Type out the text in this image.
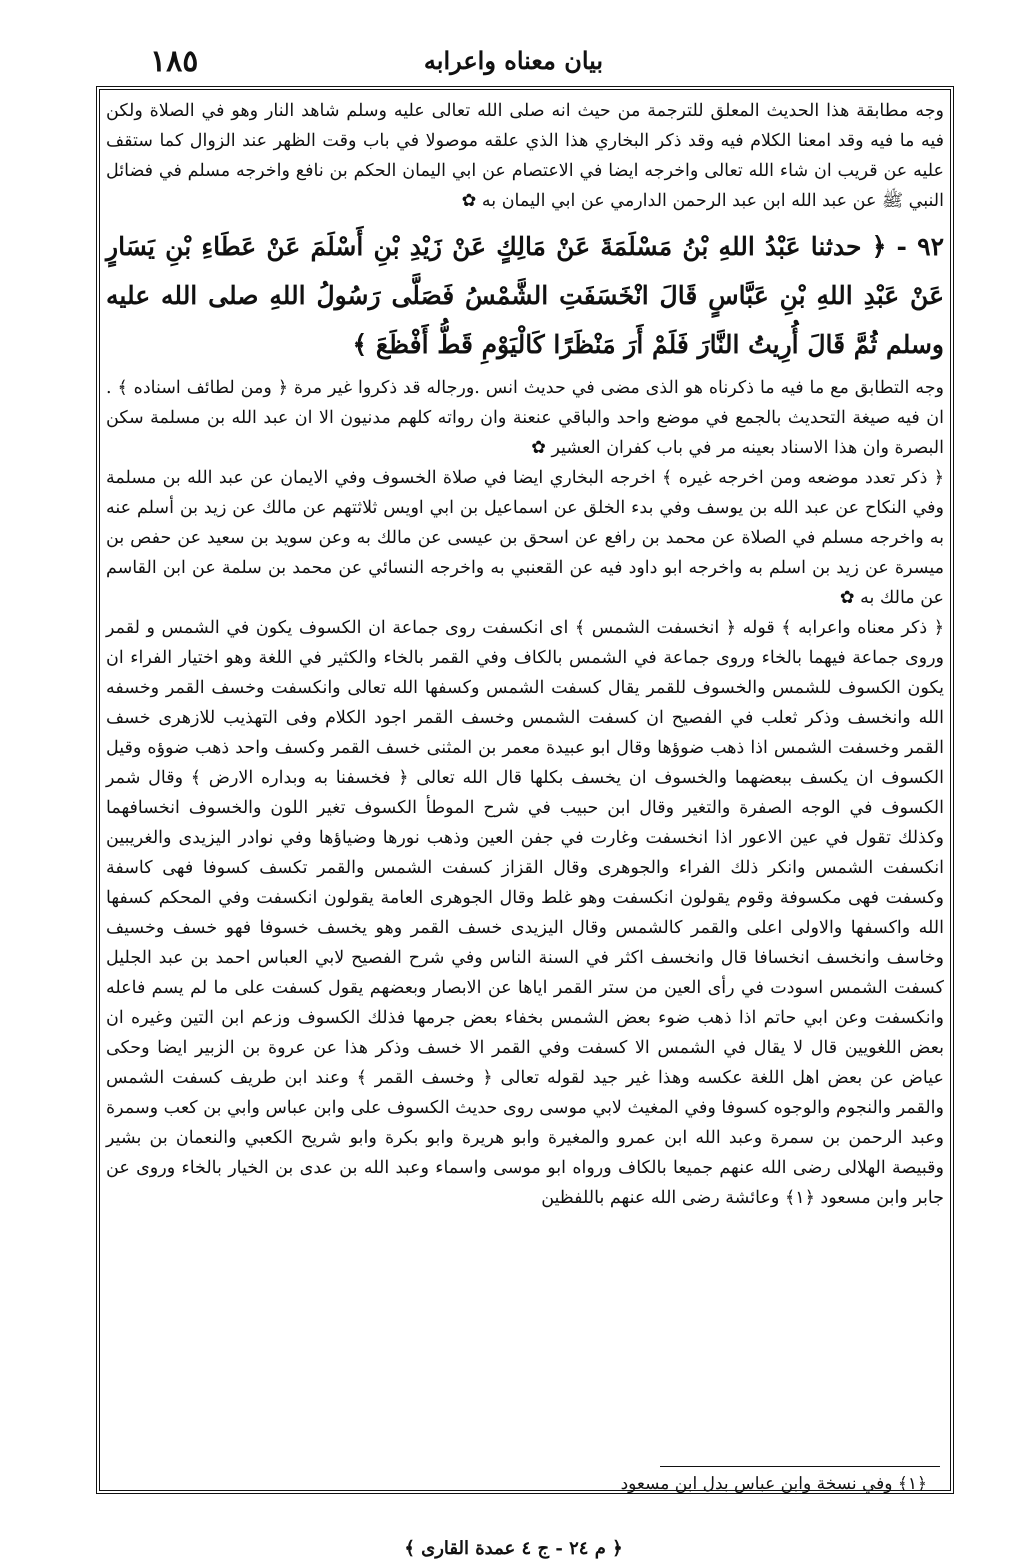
١٨٥	بيان معناه واعرابه

وجه مطابقة هذا الحديث المعلق للترجمة من حيث انه صلى الله تعالى عليه وسلم شاهد النار وهو في الصلاة ولكن فيه ما فيه وقد امعنا الكلام فيه وقد ذكر البخاري هذا الذي علقه موصولا في باب وقت الظهر عند الزوال كما ستقف عليه عن قريب ان شاء الله تعالى واخرجه ايضا في الاعتصام عن ابي اليمان الحكم بن نافع واخرجه مسلم في فضائل النبي ﷺ عن عبد الله ابن عبد الرحمن الدارمي عن ابي اليمان به ✿

٩٢ - ﴿ حدثنا عَبْدُ اللهِ بْنُ مَسْلَمَةَ عَنْ مَالِكٍ عَنْ زَيْدِ بْنِ أَسْلَمَ عَنْ عَطَاءِ بْنِ يَسَارٍ عَنْ عَبْدِ اللهِ بْنِ عَبَّاسٍ قَالَ انْخَسَفَتِ الشَّمْسُ فَصَلَّى رَسُولُ اللهِ صلى الله عليه وسلم ثُمَّ قَالَ أُرِيتُ النَّارَ فَلَمْ أَرَ مَنْظَرًا كَالْيَوْمِ قَطُّ أَفْظَعَ ﴾

وجه التطابق مع ما فيه ما ذكرناه هو الذى مضى في حديث انس .ورجاله قد ذكروا غير مرة ﴿ ومن لطائف اسناده ﴾ . ان فيه صيغة التحديث بالجمع في موضع واحد والباقي عنعنة وان رواته كلهم مدنيون الا ان عبد الله بن مسلمة سكن البصرة وان هذا الاسناد بعينه مر في باب كفران العشير ✿

﴿ ذكر تعدد موضعه ومن اخرجه غيره ﴾ اخرجه البخاري ايضا في صلاة الخسوف وفي الايمان عن عبد الله بن مسلمة وفي النكاح عن عبد الله بن يوسف وفي بدء الخلق عن اسماعيل بن ابي اويس ثلاثتهم عن مالك عن زيد بن أسلم عنه به واخرجه مسلم في الصلاة عن محمد بن رافع عن اسحق بن عيسى عن مالك به وعن سويد بن سعيد عن حفص بن ميسرة عن زيد بن اسلم به واخرجه ابو داود فيه عن القعنبي به واخرجه النسائي عن محمد بن سلمة عن ابن القاسم عن مالك به ✿

﴿ ذكر معناه واعرابه ﴾ قوله ﴿ انخسفت الشمس ﴾ اى انكسفت روى جماعة ان الكسوف يكون في الشمس و لقمر وروى جماعة فيهما بالخاء وروى جماعة في الشمس بالكاف وفي القمر بالخاء والكثير في اللغة وهو اختيار الفراء ان يكون الكسوف للشمس والخسوف للقمر يقال كسفت الشمس وكسفها الله تعالى وانكسفت وخسف القمر وخسفه الله وانخسف وذكر ثعلب في الفصيح ان كسفت الشمس وخسف القمر اجود الكلام وفى التهذيب للازهرى خسف القمر وخسفت الشمس اذا ذهب ضوؤها وقال ابو عبيدة معمر بن المثنى خسف القمر وكسف واحد ذهب ضوؤه وقيل الكسوف ان يكسف ببعضهما والخسوف ان يخسف بكلها قال الله تعالى ﴿ فخسفنا به وبداره الارض ﴾ وقال شمر الكسوف في الوجه الصفرة والتغير وقال ابن حبيب في شرح الموطأ الكسوف تغير اللون والخسوف انخسافهما وكذلك تقول في عين الاعور اذا انخسفت وغارت في جفن العين وذهب نورها وضياؤها وفي نوادر اليزيدى والغريبين انكسفت الشمس وانكر ذلك الفراء والجوهرى وقال القزاز كسفت الشمس والقمر تكسف كسوفا فهى كاسفة وكسفت فهى مكسوفة وقوم يقولون انكسفت وهو غلط وقال الجوهرى العامة يقولون انكسفت وفي المحكم كسفها الله واكسفها والاولى اعلى والقمر كالشمس وقال اليزيدى خسف القمر وهو يخسف خسوفا فهو خسف وخسيف وخاسف وانخسف انخسافا قال وانخسف اكثر في السنة الناس وفي شرح الفصيح لابي العباس احمد بن عبد الجليل كسفت الشمس اسودت في رأى العين من ستر القمر اياها عن الابصار وبعضهم يقول كسفت على ما لم يسم فاعله وانكسفت وعن ابي حاتم اذا ذهب ضوء بعض الشمس بخفاء بعض جرمها فذلك الكسوف وزعم ابن التين وغيره ان بعض اللغويين قال لا يقال في الشمس الا كسفت وفي القمر الا خسف وذكر هذا عن عروة بن الزبير ايضا وحكى عياض عن بعض اهل اللغة عكسه وهذا غير جيد لقوله تعالى ﴿ وخسف القمر ﴾ وعند ابن طريف كسفت الشمس والقمر والنجوم والوجوه كسوفا وفي المغيث لابي موسى روى حديث الكسوف على وابن عباس وابي بن كعب وسمرة وعبد الرحمن بن سمرة وعبد الله ابن عمرو والمغيرة وابو هريرة وابو بكرة وابو شريح الكعبي والنعمان بن بشير وقبيصة الهلالى رضى الله عنهم جميعا بالكاف ورواه ابو موسى واسماء وعبد الله بن عدى بن الخيار بالخاء وروى عن جابر وابن مسعود ﴿١﴾ وعائشة رضى الله عنهم باللفظين

﴿١﴾ وفي نسخة وابن عباس بدل ابن مسعود
﴿ م ٢٤ - ج ٤ عمدة القارى ﴾
